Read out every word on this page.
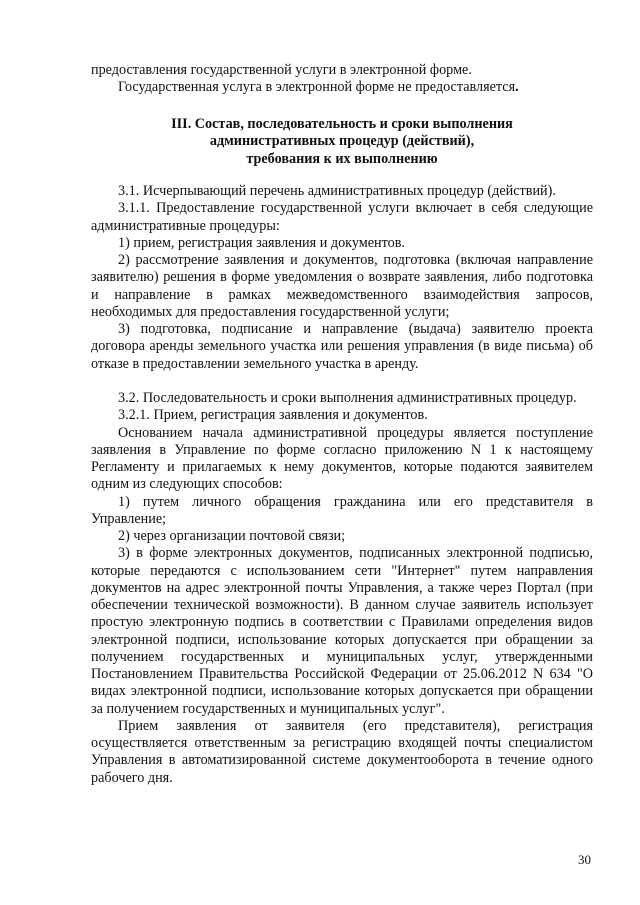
предоставления государственной услуги в электронной форме.

Государственная услуга в электронной форме не предоставляется.

III. Состав, последовательность и сроки выполнения
административных процедур (действий),
требования к их выполнению

3.1. Исчерпывающий перечень административных процедур (действий).

3.1.1. Предоставление государственной услуги включает в себя следующие административные процедуры:

1) прием, регистрация заявления и документов.

2) рассмотрение заявления и документов, подготовка (включая направление заявителю) решения в форме уведомления о возврате заявления, либо подготовка и направление в рамках межведомственного взаимодействия запросов, необходимых для предоставления государственной услуги;

3) подготовка, подписание и направление (выдача) заявителю проекта договора аренды земельного участка или решения управления (в виде письма) об отказе в предоставлении земельного участка в аренду.

3.2. Последовательность и сроки выполнения административных процедур.

3.2.1. Прием, регистрация заявления и документов.

Основанием начала административной процедуры является поступление заявления в Управление по форме согласно приложению N 1 к настоящему Регламенту и прилагаемых к нему документов, которые подаются заявителем одним из следующих способов:

1) путем личного обращения гражданина или его представителя в Управление;

2) через организации почтовой связи;

3) в форме электронных документов, подписанных электронной подписью, которые передаются с использованием сети "Интернет" путем направления документов на адрес электронной почты Управления, а также через Портал (при обеспечении технической возможности). В данном случае заявитель использует простую электронную подпись в соответствии с Правилами определения видов электронной подписи, использование которых допускается при обращении за получением государственных и муниципальных услуг, утвержденными Постановлением Правительства Российской Федерации от 25.06.2012 N 634 "О видах электронной подписи, использование которых допускается при обращении за получением государственных и муниципальных услуг".

Прием заявления от заявителя (его представителя), регистрация осуществляется ответственным за регистрацию входящей почты специалистом Управления в автоматизированной системе документооборота в течение одного рабочего дня.

30
